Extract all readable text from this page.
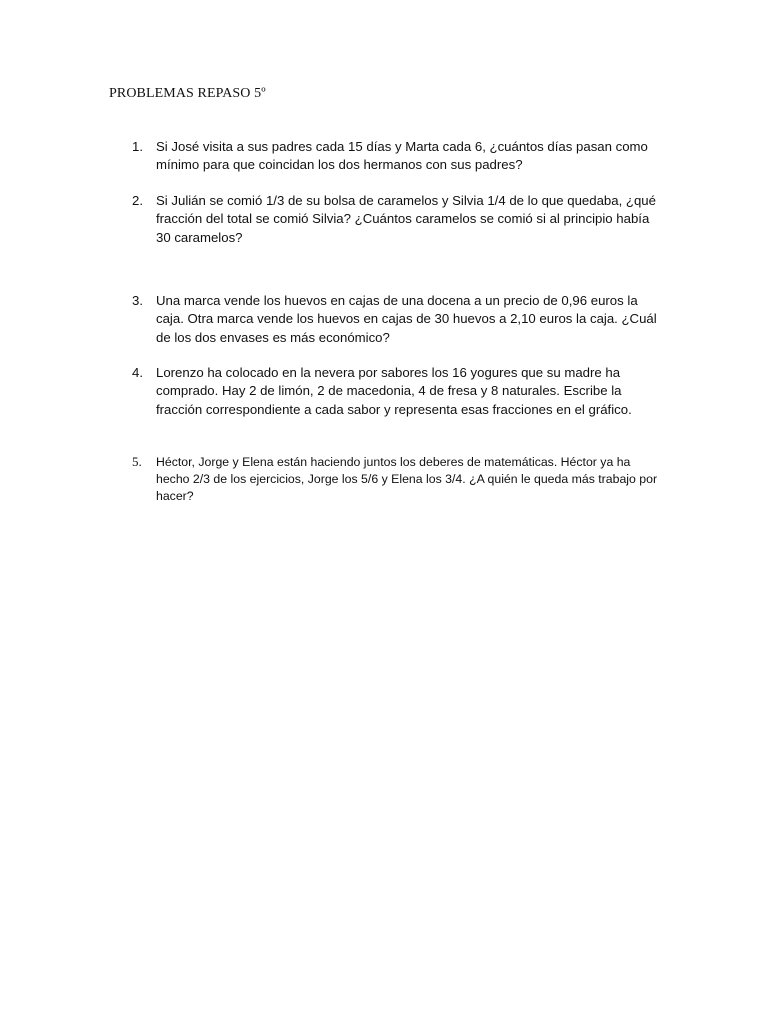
PROBLEMAS REPASO 5º
1. Si José visita a sus padres cada 15 días y Marta cada 6, ¿cuántos días pasan como mínimo para que coincidan los dos hermanos con sus padres?
2. Si Julián se comió 1/3 de su bolsa de caramelos y Silvia 1/4 de lo que quedaba, ¿qué fracción del total se comió Silvia? ¿Cuántos caramelos se comió si al principio había 30 caramelos?
3. Una marca vende los huevos en cajas de una docena a un precio de 0,96 euros la caja. Otra marca vende los huevos en cajas de 30 huevos a 2,10 euros la caja. ¿Cuál de los dos envases es más económico?
4. Lorenzo ha colocado en la nevera por sabores los 16 yogures que su madre ha comprado. Hay 2 de limón, 2 de macedonia, 4 de fresa y 8 naturales. Escribe la fracción correspondiente a cada sabor y representa esas fracciones en el gráfico.
5.	Héctor, Jorge y Elena están haciendo juntos los deberes de matemáticas. Héctor ya ha hecho 2/3 de los ejercicios, Jorge los 5/6 y Elena los 3/4. ¿A quién le queda más trabajo por hacer?
